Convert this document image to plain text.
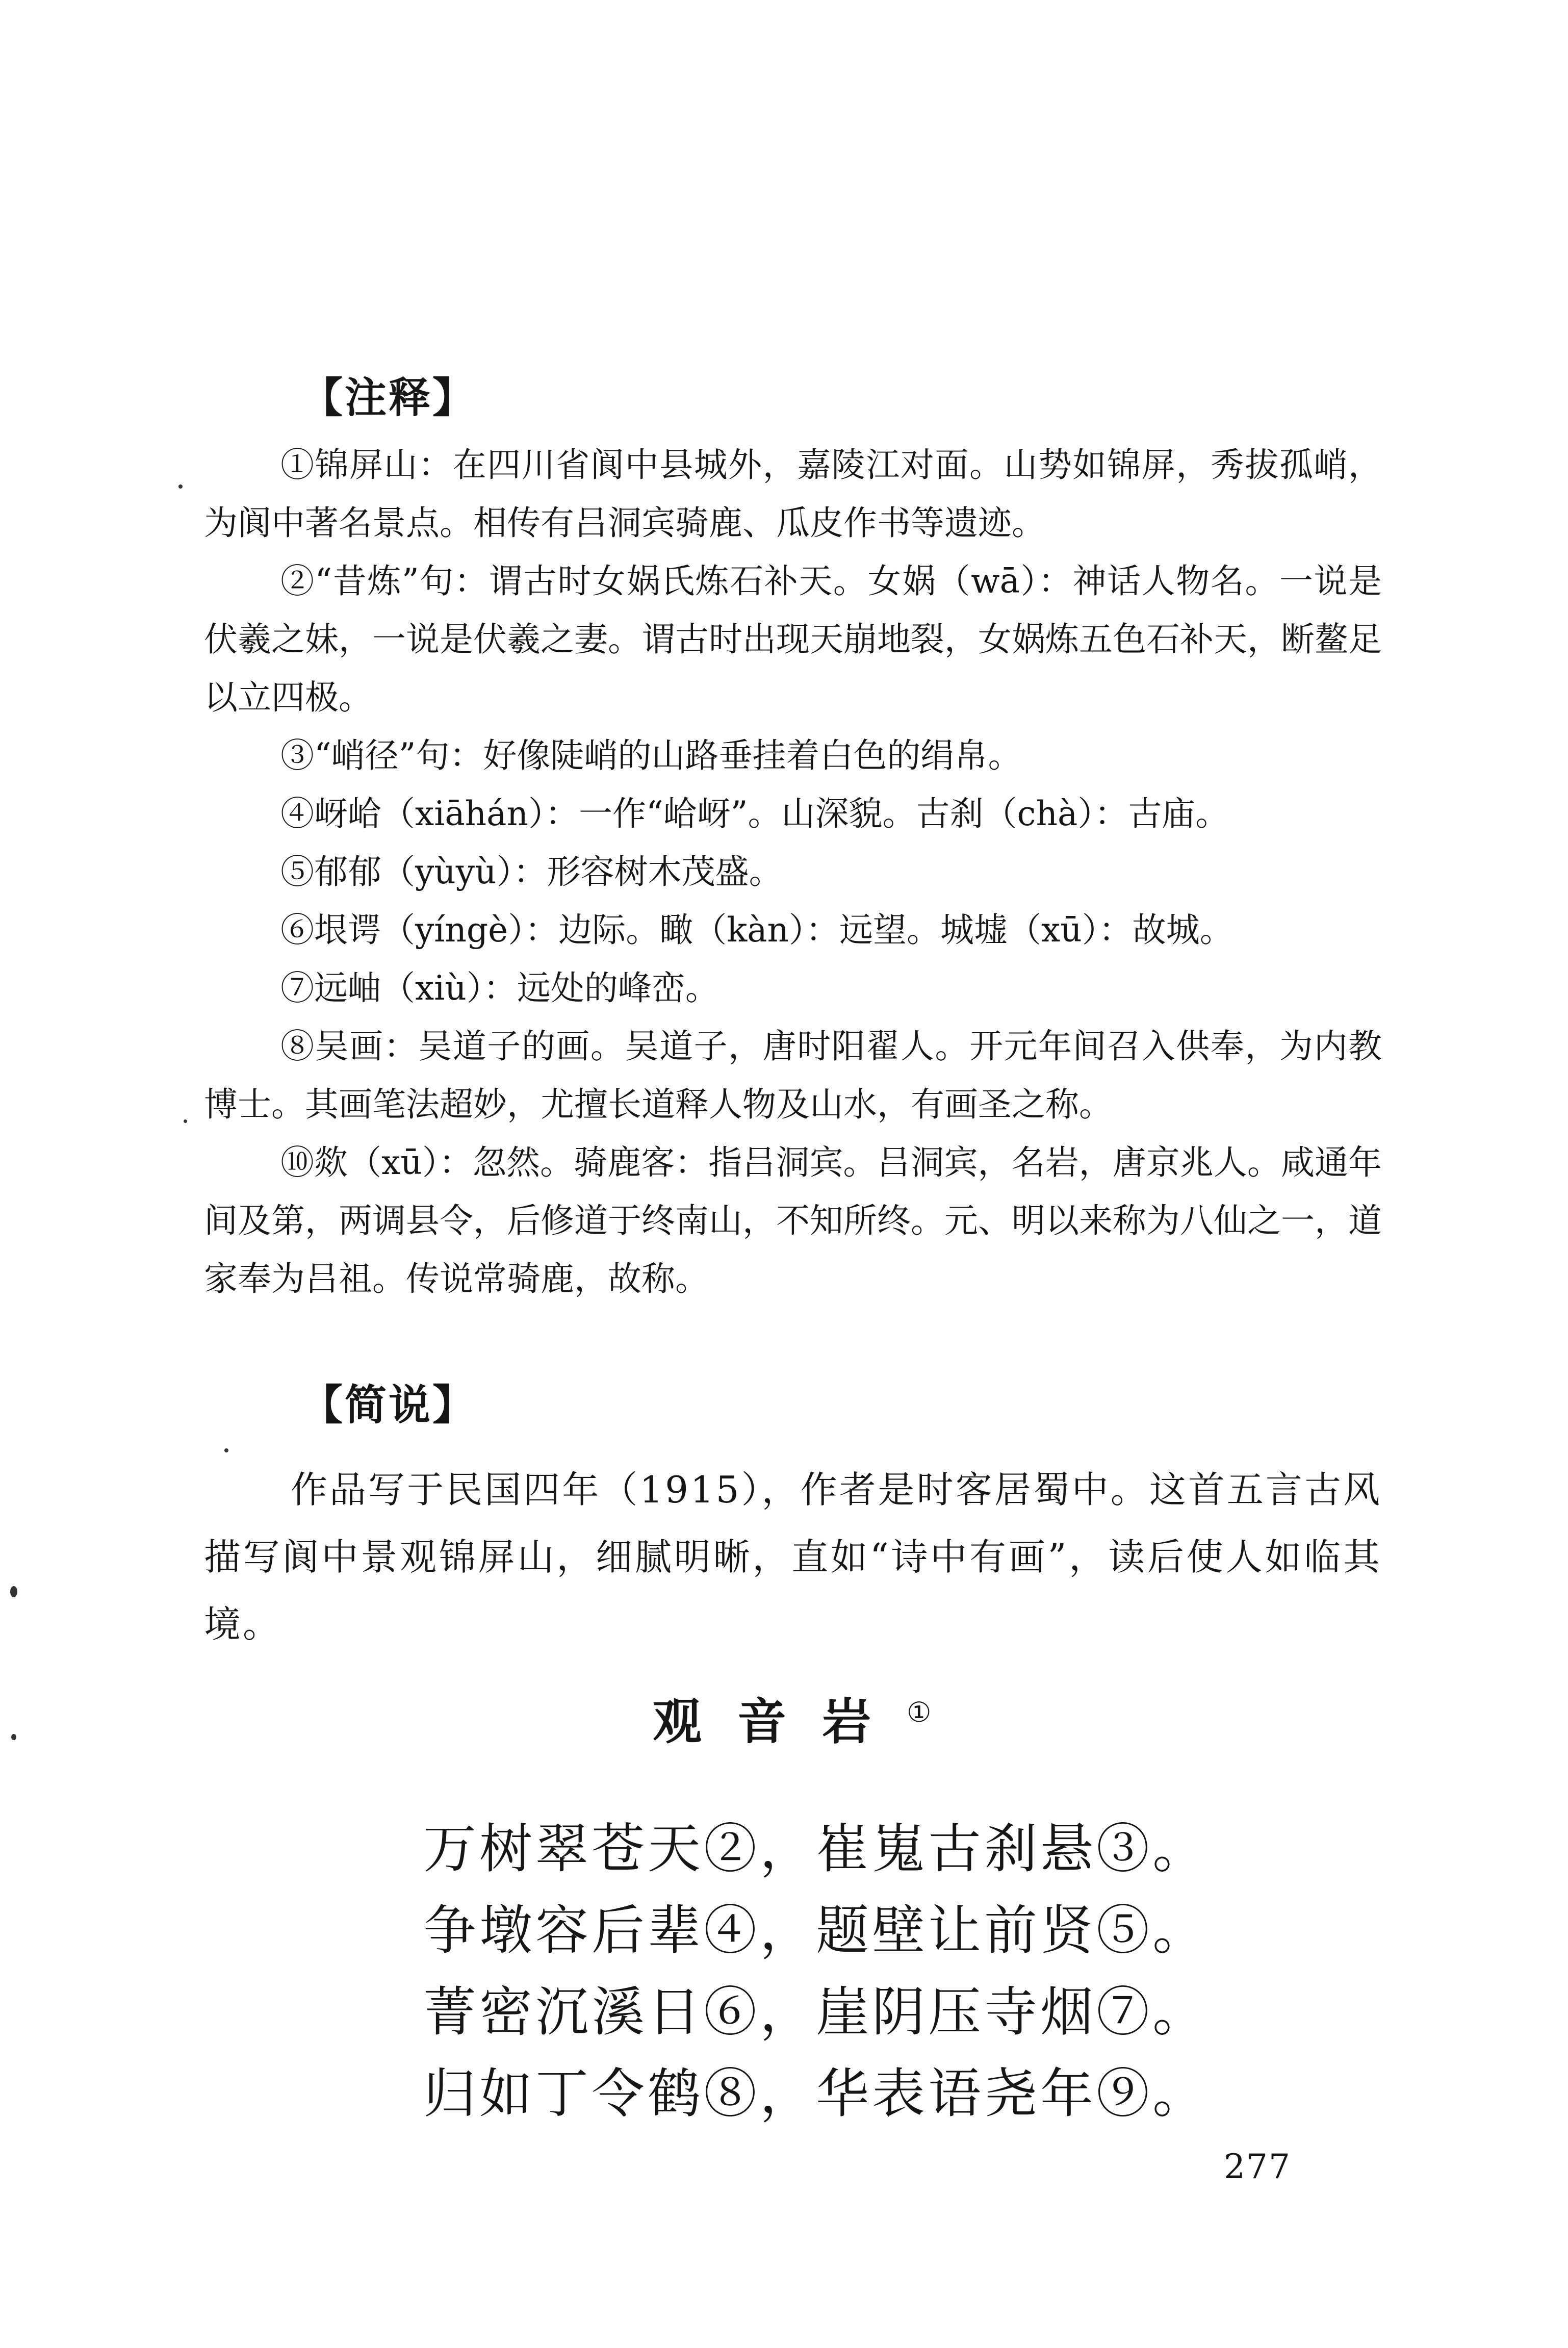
【注释】

①锦屏山：在四川省阆中县城外，嘉陵江对面。山势如锦屏，秀拔孤峭，为阆中著名景点。相传有吕洞宾骑鹿、瓜皮作书等遗迹。

②“昔炼”句：谓古时女娲氏炼石补天。女娲（wā）：神话人物名。一说是伏羲之妹，一说是伏羲之妻。谓古时出现天崩地裂，女娲炼五色石补天，断鳌足以立四极。

③“峭径”句：好像陡峭的山路垂挂着白色的绢帛。

④岈峆（xiāhán）：一作“峆岈”。山深貌。古刹（chà）：古庙。

⑤郁郁（yùyù）：形容树木茂盛。

⑥垠谔（yíngè）：边际。瞰（kàn）：远望。城墟（xū）：故城。

⑦远岫（xiù）：远处的峰峦。

⑧吴画：吴道子的画。吴道子，唐时阳翟人。开元年间召入供奉，为内教博士。其画笔法超妙，尤擅长道释人物及山水，有画圣之称。

⑩欻（xū）：忽然。骑鹿客：指吕洞宾。吕洞宾，名岩，唐京兆人。咸通年间及第，两调县令，后修道于终南山，不知所终。元、明以来称为八仙之一，道家奉为吕祖。传说常骑鹿，故称。

【简说】

作品写于民国四年（1915），作者是时客居蜀中。这首五言古风描写阆中景观锦屏山，细腻明晰，直如“诗中有画”，读后使人如临其境。

观音岩①
万树翠苍天②，崔嵬古刹悬③。
争墩容后辈④，题壁让前贤⑤。
菁密沉溪日⑥，崖阴压寺烟⑦。
归如丁令鹤⑧，华表语尧年⑨。
277
